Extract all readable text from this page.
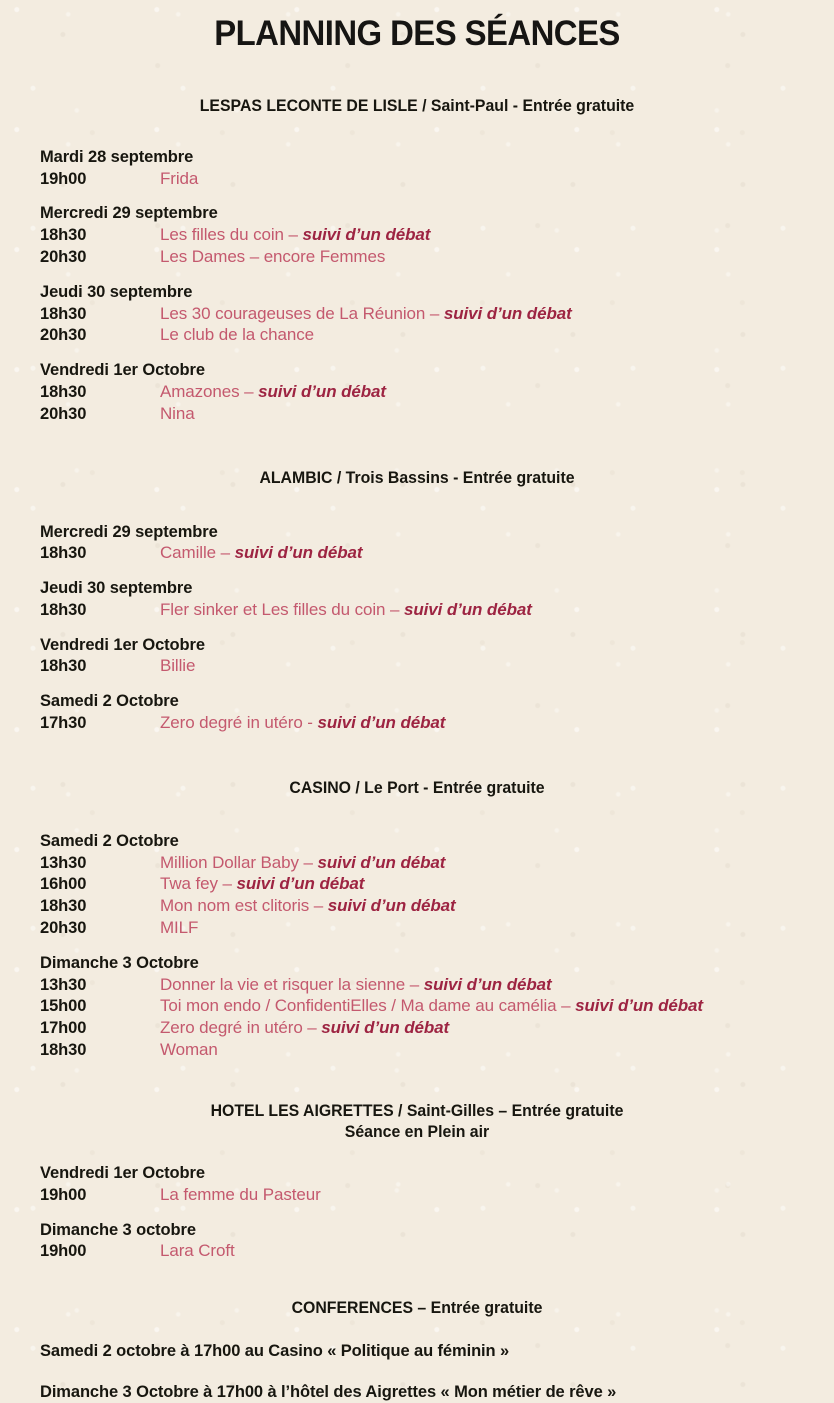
PLANNING DES SÉANCES
LESPAS LECONTE DE LISLE / Saint-Paul - Entrée gratuite
Mardi 28 septembre
19h00	Frida
Mercredi 29 septembre
18h30	Les filles du coin – suivi d’un débat
20h30	Les Dames – encore Femmes
Jeudi 30 septembre
18h30	Les 30 courageuses de La Réunion – suivi d’un débat
20h30	Le club de la chance
Vendredi 1er Octobre
18h30	Amazones – suivi d’un débat
20h30	Nina
ALAMBIC / Trois Bassins - Entrée gratuite
Mercredi 29 septembre
18h30	Camille – suivi d’un débat
Jeudi 30 septembre
18h30	Fler sinker et Les filles du coin – suivi d’un débat
Vendredi 1er Octobre
18h30	Billie
Samedi 2 Octobre
17h30	Zero degré in utéro - suivi d’un débat
CASINO / Le Port - Entrée gratuite
Samedi 2 Octobre
13h30	Million Dollar Baby – suivi d’un débat
16h00	Twa fey – suivi d’un débat
18h30	Mon nom est clitoris – suivi d’un débat
20h30	MILF
Dimanche 3 Octobre
13h30	Donner la vie et risquer la sienne – suivi d’un débat
15h00	Toi mon endo / ConfidentiElles / Ma dame au camélia – suivi d’un débat
17h00	Zero degré in utéro – suivi d’un débat
18h30	Woman
HOTEL LES AIGRETTES / Saint-Gilles – Entrée gratuite
Séance en Plein air
Vendredi 1er Octobre
19h00	La femme du Pasteur
Dimanche 3 octobre
19h00	Lara Croft
CONFERENCES – Entrée gratuite
Samedi 2 octobre à 17h00 au Casino « Politique au féminin »
Dimanche 3 Octobre à 17h00 à l’hôtel des Aigrettes « Mon métier de rêve »
